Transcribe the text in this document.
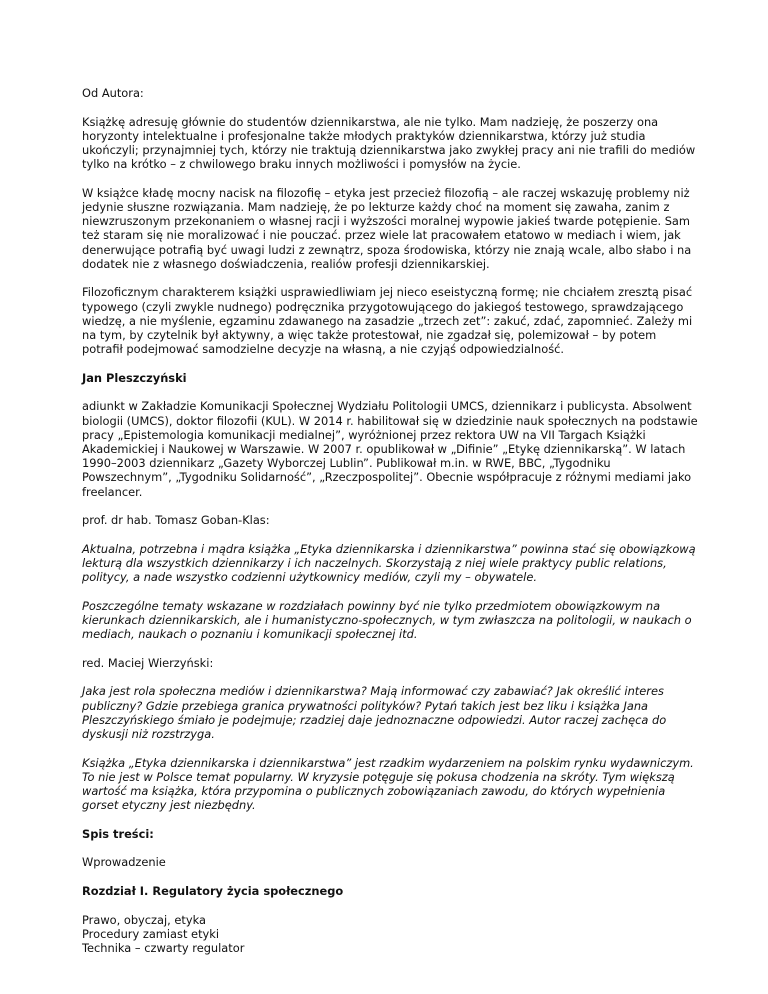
Od Autora:

Książkę adresuję głównie do studentów dziennikarstwa, ale nie tylko. Mam nadzieję, że poszerzy ona horyzonty intelektualne i profesjonalne także młodych praktyków dziennikarstwa, którzy już studia ukończyli; przynajmniej tych, którzy nie traktują dziennikarstwa jako zwykłej pracy ani nie trafili do mediów tylko na krótko – z chwilowego braku innych możliwości i pomysłów na życie.

W książce kładę mocny nacisk na filozofię – etyka jest przecież filozofią – ale raczej wskazuję problemy niż jedynie słuszne rozwiązania. Mam nadzieję, że po lekturze każdy choć na moment się zawaha, zanim z niewzruszonym przekonaniem o własnej racji i wyższości moralnej wypowie jakieś twarde potępienie. Sam też staram się nie moralizować i nie pouczać. przez wiele lat pracowałem etatowo w mediach i wiem, jak denerwujące potrafią być uwagi ludzi z zewnątrz, spoza środowiska, którzy nie znają wcale, albo słabo i na dodatek nie z własnego doświadczenia, realiów profesji dziennikarskiej.

Filozoficznym charakterem książki usprawiedliwiam jej nieco eseistyczną formę; nie chciałem zresztą pisać typowego (czyli zwykle nudnego) podręcznika przygotowującego do jakiegoś testowego, sprawdzającego wiedzę, a nie myślenie, egzaminu zdawanego na zasadzie „trzech zet”: zakuć, zdać, zapomnieć. Zależy mi na tym, by czytelnik był aktywny, a więc także protestował, nie zgadzał się, polemizował – by potem potrafił podejmować samodzielne decyzje na własną, a nie czyjąś odpowiedzialność.

Jan Pleszczyński

adiunkt w Zakładzie Komunikacji Społecznej Wydziału Politologii UMCS, dziennikarz i publicysta. Absolwent biologii (UMCS), doktor filozofii (KUL). W 2014 r. habilitował się w dziedzinie nauk społecznych na podstawie pracy „Epistemologia komunikacji medialnej”, wyróżnionej przez rektora UW na VII Targach Książki Akademickiej i Naukowej w Warszawie. W 2007 r. opublikował w „Difinie” „Etykę dziennikarską”. W latach 1990–2003 dziennikarz „Gazety Wyborczej Lublin”. Publikował m.in. w RWE, BBC, „Tygodniku Powszechnym”, „Tygodniku Solidarność”, „Rzeczpospolitej”. Obecnie współpracuje z różnymi mediami jako freelancer.

prof. dr hab. Tomasz Goban-Klas:

Aktualna, potrzebna i mądra książka „Etyka dziennikarska i dziennikarstwa” powinna stać się obowiązkową lekturą dla wszystkich dziennikarzy i ich naczelnych. Skorzystają z niej wiele praktycy public relations, politycy, a nade wszystko codzienni użytkownicy mediów, czyli my – obywatele.

Poszczególne tematy wskazane w rozdziałach powinny być nie tylko przedmiotem obowiązkowym na kierunkach dziennikarskich, ale i humanistyczno-społecznych, w tym zwłaszcza na politologii, w naukach o mediach, naukach o poznaniu i komunikacji społecznej itd.

red. Maciej Wierzyński:

Jaka jest rola społeczna mediów i dziennikarstwa? Mają informować czy zabawiać? Jak określić interes publiczny? Gdzie przebiega granica prywatności polityków? Pytań takich jest bez liku i książka Jana Pleszczyńskiego śmiało je podejmuje; rzadziej daje jednoznaczne odpowiedzi. Autor raczej zachęca do dyskusji niż rozstrzyga.

Książka „Etyka dziennikarska i dziennikarstwa” jest rzadkim wydarzeniem na polskim rynku wydawniczym. To nie jest w Polsce temat popularny. W kryzysie potęguje się pokusa chodzenia na skróty. Tym większą wartość ma książka, która przypomina o publicznych zobowiązaniach zawodu, do których wypełnienia gorset etyczny jest niezbędny.

Spis treści:

Wprowadzenie

Rozdział I. Regulatory życia społecznego

Prawo, obyczaj, etyka

Procedury zamiast etyki

Technika – czwarty regulator
